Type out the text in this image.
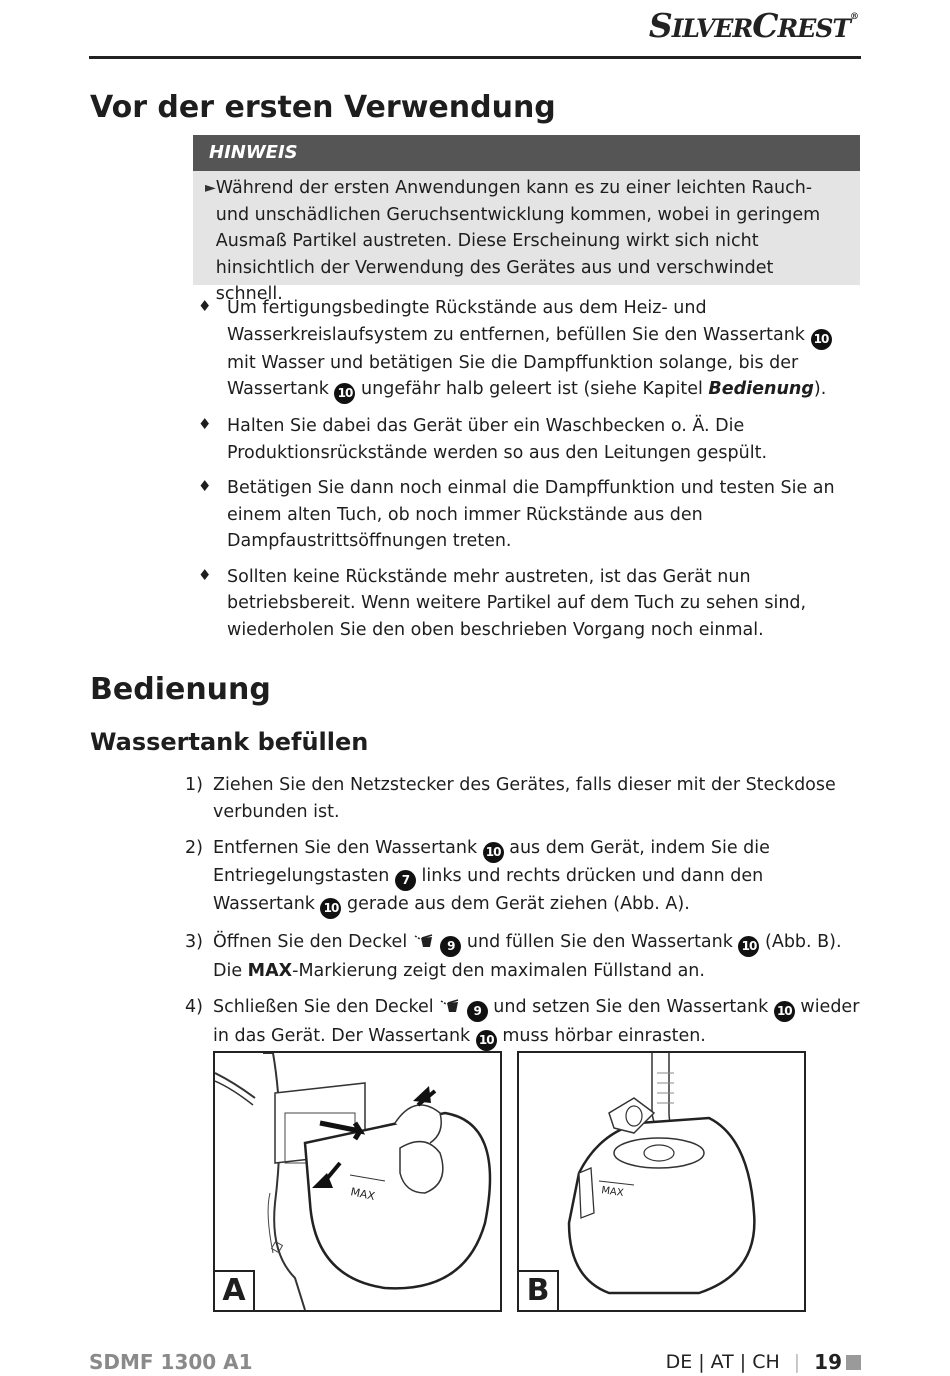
SILVERCREST®
Vor der ersten Verwendung
HINWEIS
► Während der ersten Anwendungen kann es zu einer leichten Rauch- und unschädlichen Geruchsentwicklung kommen, wobei in geringem Ausmaß Partikel austreten. Diese Erscheinung wirkt sich nicht hinsichtlich der Verwendung des Gerätes aus und verschwindet schnell.
♦ Um fertigungsbedingte Rückstände aus dem Heiz- und Wasserkreislaufsystem zu entfernen, befüllen Sie den Wassertank 10 mit Wasser und betätigen Sie die Dampffunktion solange, bis der Wassertank 10 ungefähr halb geleert ist (siehe Kapitel Bedienung).
♦ Halten Sie dabei das Gerät über ein Waschbecken o. Ä. Die Produktionsrückstände werden so aus den Leitungen gespült.
♦ Betätigen Sie dann noch einmal die Dampffunktion und testen Sie an einem alten Tuch, ob noch immer Rückstände aus den Dampfaustrittsöffnungen treten.
♦ Sollten keine Rückstände mehr austreten, ist das Gerät nun betriebsbereit. Wenn weitere Partikel auf dem Tuch zu sehen sind, wiederholen Sie den oben beschrieben Vorgang noch einmal.
Bedienung
Wassertank befüllen
1) Ziehen Sie den Netzstecker des Gerätes, falls dieser mit der Steckdose verbunden ist.
2) Entfernen Sie den Wassertank 10 aus dem Gerät, indem Sie die Entriegelungstasten 7 links und rechts drücken und dann den Wassertank 10 gerade aus dem Gerät ziehen (Abb. A).
3) Öffnen Sie den Deckel	9 und füllen Sie den Wassertank 10 (Abb. B). Die MAX-Markierung zeigt den maximalen Füllstand an.
4) Schließen Sie den Deckel	9 und setzen Sie den Wassertank 10 wieder in das Gerät. Der Wassertank 10 muss hörbar einrasten.
MAX
A
MAX
B
SDMF 1300 A1	DE | AT | CH | 19
